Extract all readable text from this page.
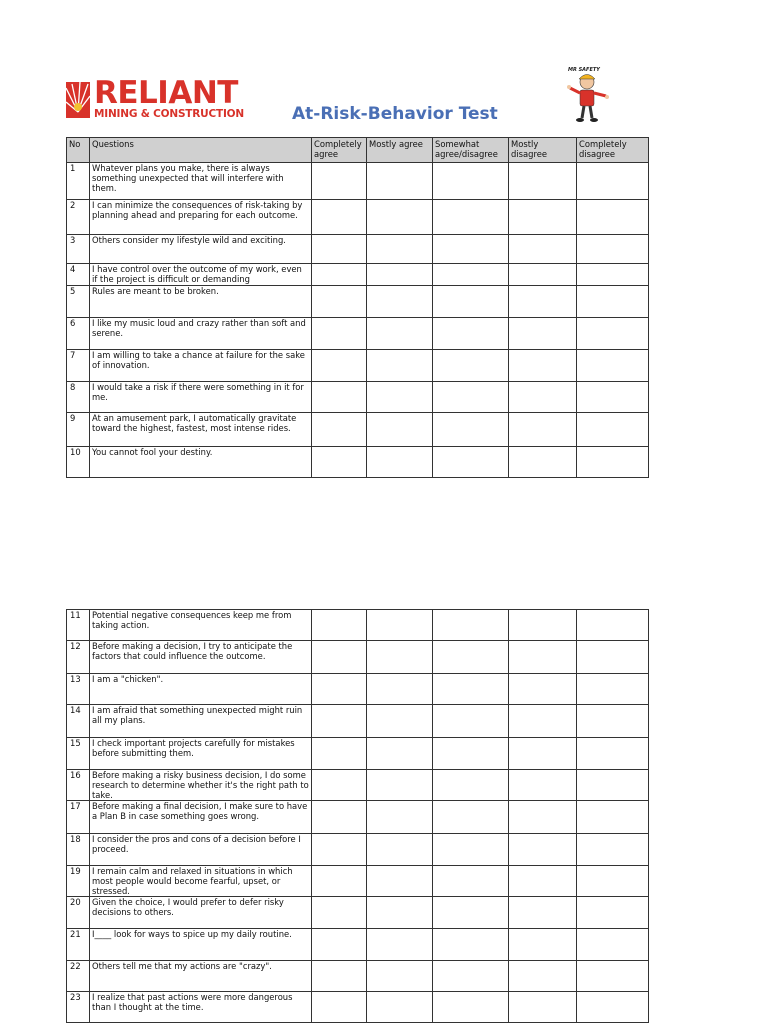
RELIANT
MINING & CONSTRUCTION	At-Risk-Behavior Test
MR SAFETY
No	Questions	Completely agree	Mostly agree	Somewhat agree/disagree	Mostly disagree	Completely disagree
1	Whatever plans you make, there is always something unexpected that will interfere with them.					
2	I can minimize the consequences of risk-taking by planning ahead and preparing for each outcome.					
3	Others consider my lifestyle wild and exciting.					
4	I have control over the outcome of my work, even if the project is difficult or demanding					
5	Rules are meant to be broken.					
6	I like my music loud and crazy rather than soft and serene.					
7	I am willing to take a chance at failure for the sake of innovation.					
8	I would take a risk if there were something in it for me.					
9	At an amusement park, I automatically gravitate toward the highest, fastest, most intense rides.					
10	You cannot fool your destiny.					
11	Potential negative consequences keep me from taking action.					
12	Before making a decision, I try to anticipate the factors that could influence the outcome.					
13	I am a "chicken".					
14	I am afraid that something unexpected might ruin all my plans.					
15	I check important projects carefully for mistakes before submitting them.					
16	Before making a risky business decision, I do some research to determine whether it's the right path to take.					
17	Before making a final decision, I make sure to have a Plan B in case something goes wrong.					
18	I consider the pros and cons of a decision before I proceed.					
19	I remain calm and relaxed in situations in which most people would become fearful, upset, or stressed.					
20	Given the choice, I would prefer to defer risky decisions to others.					
21	I____ look for ways to spice up my daily routine.					
22	Others tell me that my actions are "crazy".					
23	I realize that past actions were more dangerous than I thought at the time.					
